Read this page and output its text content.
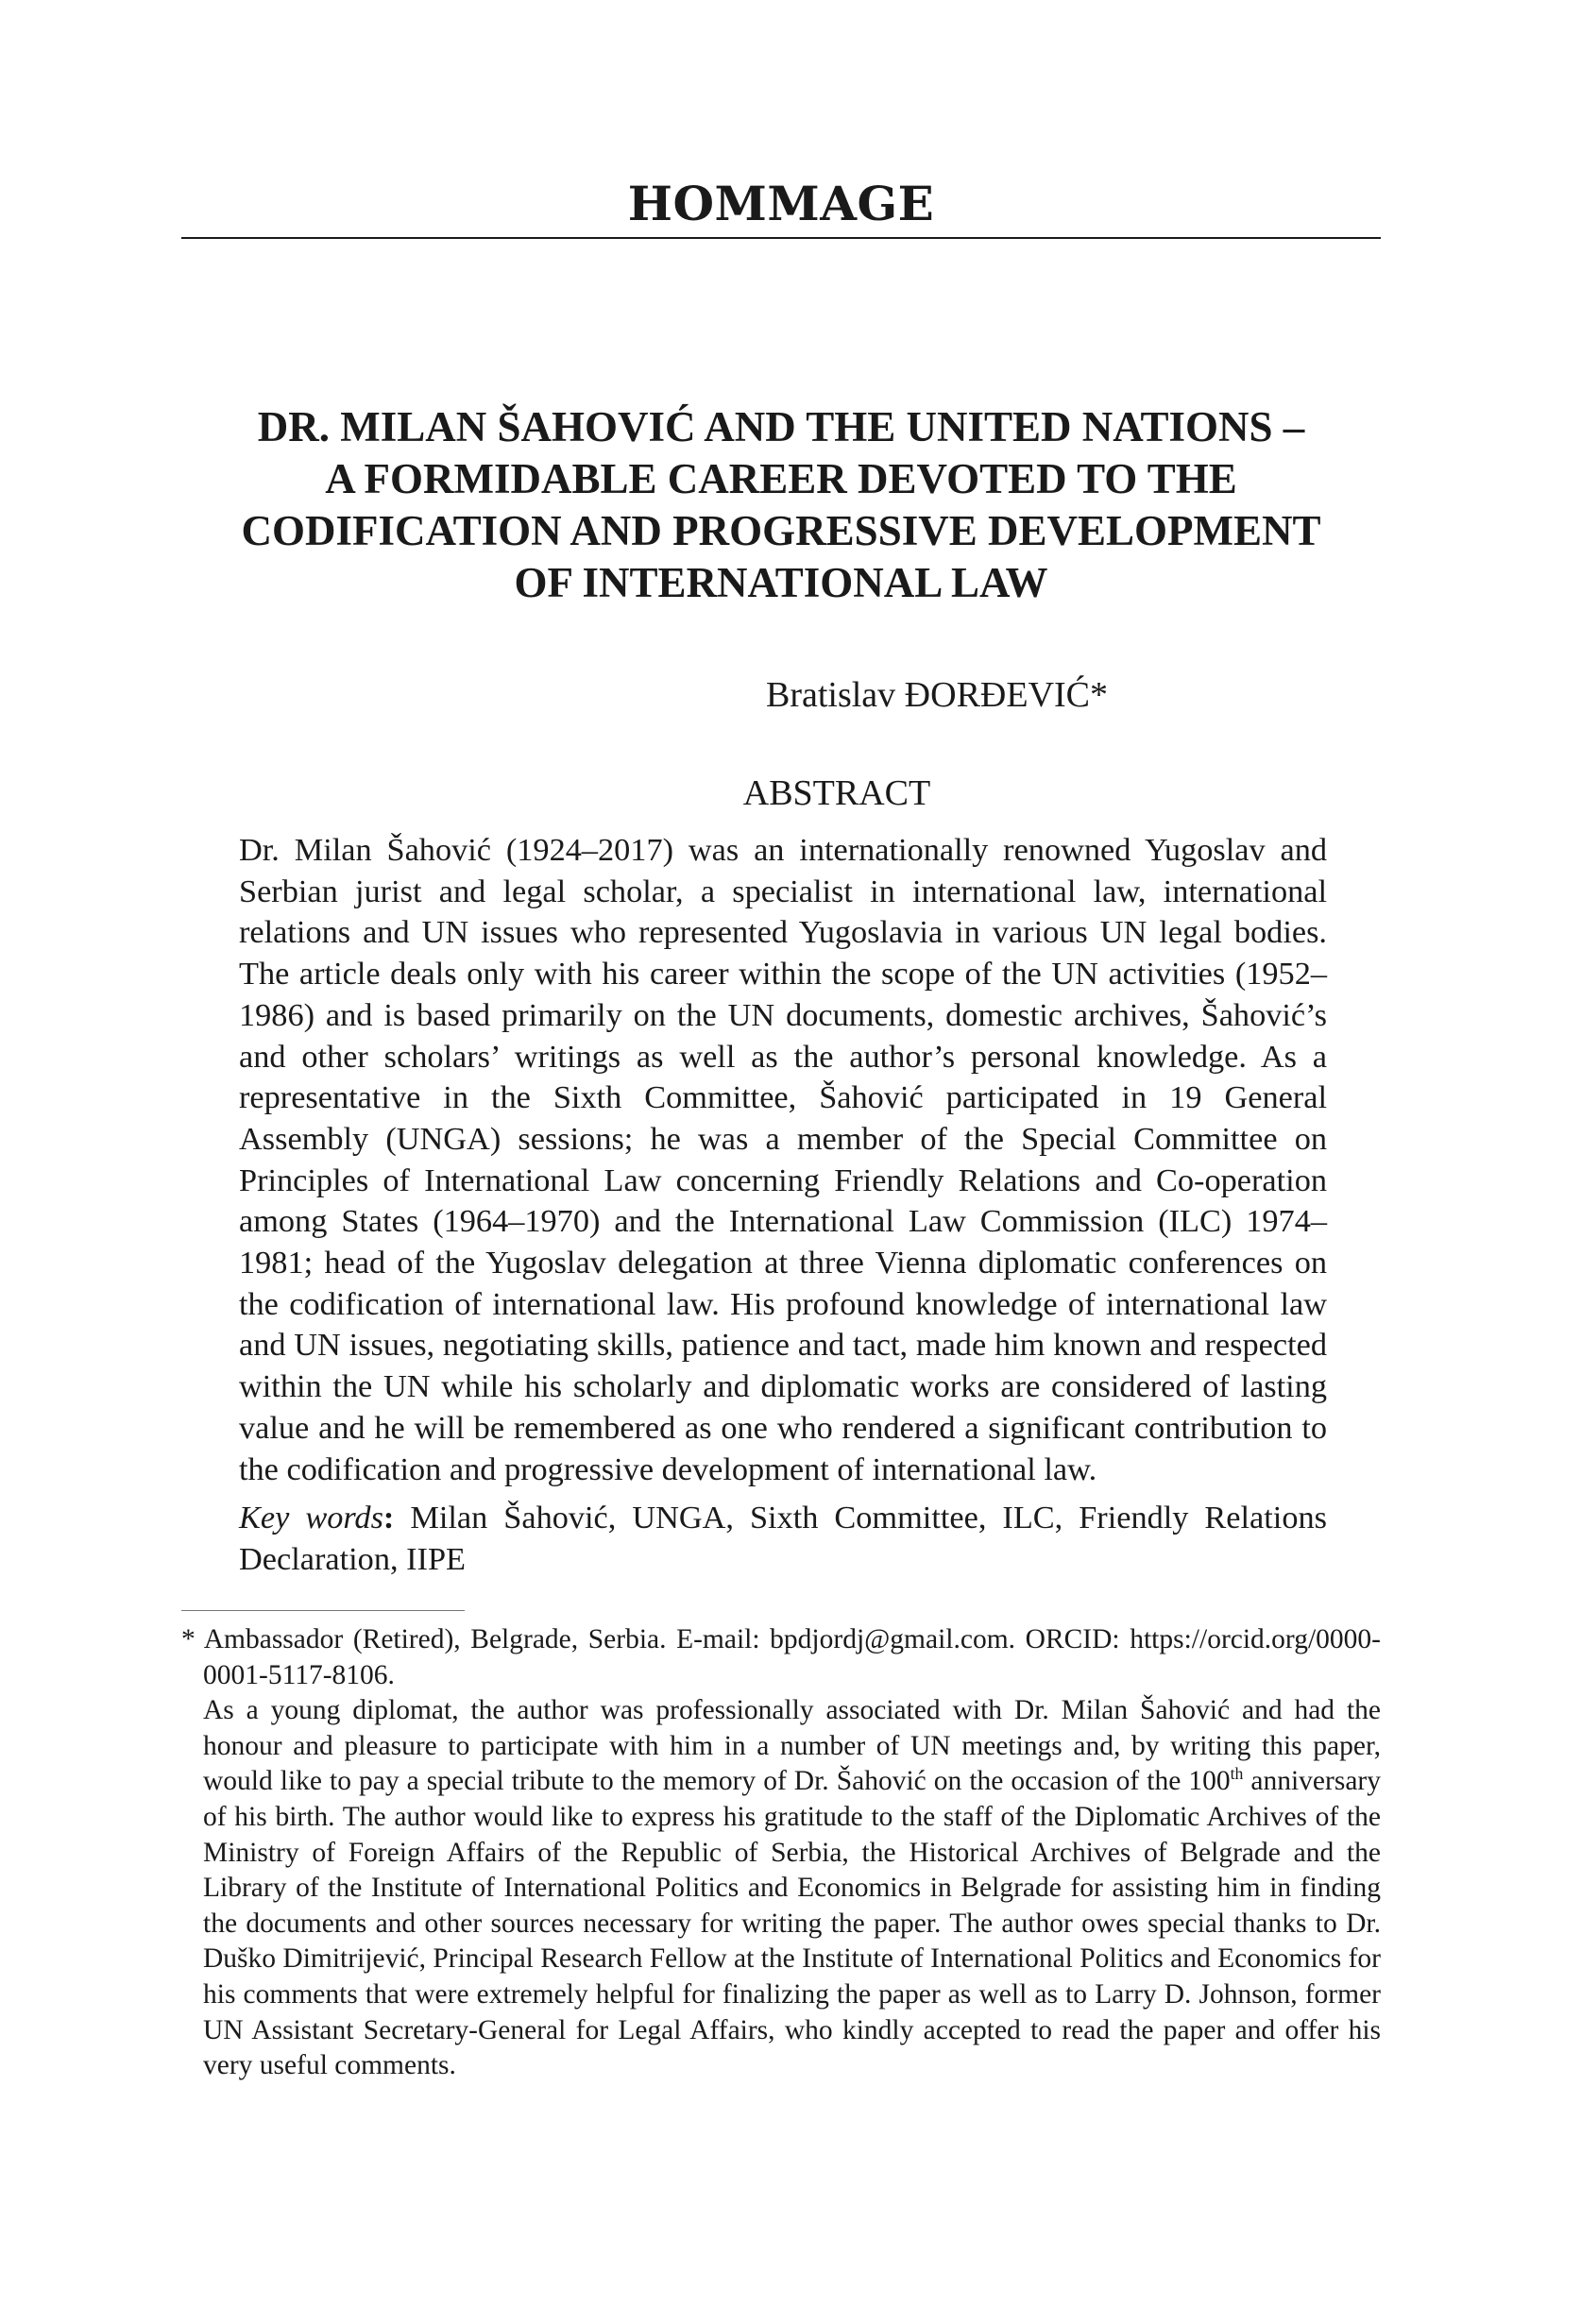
HOMMAGE
DR. MILAN ŠAHOVIĆ AND THE UNITED NATIONS –
A FORMIDABLE CAREER DEVOTED TO THE
CODIFICATION AND PROGRESSIVE DEVELOPMENT
OF INTERNATIONAL LAW
Bratislav ĐORĐEVIĆ*
ABSTRACT

Dr. Milan Šahović (1924–2017) was an internationally renowned Yugoslav and Serbian jurist and legal scholar, a specialist in international law, international relations and UN issues who represented Yugoslavia in various UN legal bodies. The article deals only with his career within the scope of the UN activities (1952–1986) and is based primarily on the UN documents, domestic archives, Šahović’s and other scholars’ writings as well as the author’s personal knowledge. As a representative in the Sixth Committee, Šahović participated in 19 General Assembly (UNGA) sessions; he was a member of the Special Committee on Principles of International Law concerning Friendly Relations and Co-operation among States (1964–1970) and the International Law Commission (ILC) 1974–1981; head of the Yugoslav delegation at three Vienna diplomatic conferences on the codification of international law. His profound knowledge of international law and UN issues, negotiating skills, patience and tact, made him known and respected within the UN while his scholarly and diplomatic works are considered of lasting value and he will be remembered as one who rendered a significant contribution to the codification and progressive development of international law.

Key words: Milan Šahović, UNGA, Sixth Committee, ILC, Friendly Relations Declaration, IIPE

* Ambassador (Retired), Belgrade, Serbia. E-mail: bpdjordj@gmail.com. ORCID: https://orcid.org/0000-0001-5117-8106.

As a young diplomat, the author was professionally associated with Dr. Milan Šahović and had the honour and pleasure to participate with him in a number of UN meetings and, by writing this paper, would like to pay a special tribute to the memory of Dr. Šahović on the occasion of the 100th anniversary of his birth. The author would like to express his gratitude to the staff of the Diplomatic Archives of the Ministry of Foreign Affairs of the Republic of Serbia, the Historical Archives of Belgrade and the Library of the Institute of International Politics and Economics in Belgrade for assisting him in finding the documents and other sources necessary for writing the paper. The author owes special thanks to Dr. Duško Dimitrijević, Principal Research Fellow at the Institute of International Politics and Economics for his comments that were extremely helpful for finalizing the paper as well as to Larry D. Johnson, former UN Assistant Secretary-General for Legal Affairs, who kindly accepted to read the paper and offer his very useful comments.
